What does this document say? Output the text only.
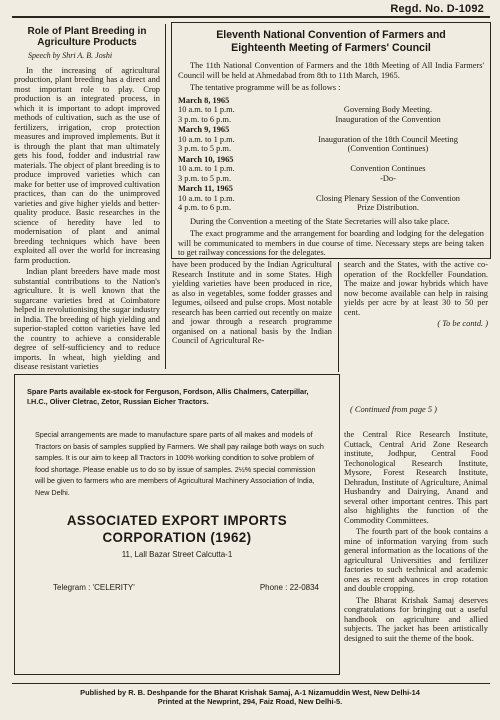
Regd. No. D-1092
Role of Plant Breeding in Agriculture Products
Speech by Shri A. B. Joshi

In the increasing of agricultural production, plant breeding has a direct and most important role to play. Crop production is an integrated process, in which it is important to adopt improved methods of cultivation, such as the use of fertilizers, irrigation, crop protection measures and improved implements. But it is through the plant that man ultimately gets his food, fodder and industrial raw materials. The object of plant breeding is to produce improved varieties which can make for better use of improved cultivation practices, than can do the unimproved varieties and give higher yields and better-quality produce. Basic researches in the science of heredity have led to modernisation of plant and animal breeding techniques which have been exploited all over the world for increasing farm production.

Indian plant breeders have made most substantial contributions to the Nation's agriculture. It is well known that the sugarcane varieties bred at Coimbatore helped in revolutionising the sugar industry in India. The breeding of high yielding and superior-stapled cotton varieties have led the country to achieve a considerable degree of self-sufficiency and to reduce imports. In wheat, high yielding and disease resistant varieties

Eleventh National Convention of Farmers and
Eighteenth Meeting of Farmers' Council

The 11th National Convention of Farmers and the 18th Meeting of All India Farmers' Council will be held at Ahmedabad from 8th to 11th March, 1965.

The tentative programme will be as follows :

March 8, 1965
10 a.m. to 1 p.m.	Governing Body Meeting.
3 p.m. to 6 p.m.	Inauguration of the Convention
March 9, 1965
10 a.m. to 1 p.m.	Inauguration of the 18th Council Meeting
3 p.m. to 5 p.m.	(Convention Continues)
March 10, 1965
10 a.m. to 1 p.m.	Convention Continues
3 p.m. to 5 p.m.	-Do-
March 11, 1965
10 a.m. to 1 p.m.	Closing Plenary Session of the Convention
4 p.m. to 6 p.m.	Prize Distribution.

During the Convention a meeting of the State Secretaries will also take place.

The exact programme and the arrangement for boarding and lodging for the delegation will be communicated to members in due course of time. Necessary steps are being taken to get railway concessions for the delegates.

have been produced by the Indian Agricultural Research Institute and in some States. High yielding varieties have been produced in rice, as also in vegetables, some fodder grasses and legumes, oilseed and pulse crops. Most notable research has been carried out recently on maize and jowar through a research programme organised on a national basis by the Indian Council of Agricultural Re-

search and the States, with the active co-operation of the Rockfeller Foundation. The maize and jowar hybrids which have now become available can help in raising yields per acre by at least 30 to 50 per cent.

( To be contd. )

Spare Parts available ex-stock for Ferguson, Fordson, Allis Chalmers, Caterpillar, I.H.C., Oliver Cletrac, Zetor, Russian Eicher Tractors.
Special arrangements are made to manufacture spare parts of all makes and models of Tractors on basis of samples supplied by Farmers. We shall pay railage both ways on such samples. It is our aim to keep all Tractors in 100% working condition to solve problem of food shortage. Please enable us to do so by issue of samples. 2½% special commission will be given to farmers who are members of Agricultural Machinery Association of India, New Delhi.
ASSOCIATED EXPORT IMPORTS
CORPORATION (1962)
11, Lall Bazar Street Calcutta-1
Telegram : 'CELERITY'	Phone : 22-0834
( Continued from page 5 )

the Central Rice Research Institute, Cuttack, Central Arid Zone Research institute, Jodhpur, Central Food Techonological Research Institute, Mysore, Forest Research Institute, Dehradun, Institute of Agriculture, Animal Husbandry and Dairying, Anand and several other important centres. This part also highlights the function of the Commodity Committees.

The fourth part of the book contains a mine of information varying from such general information as the locations of the agricultural Universities and fertilizer factories to such technical and academic ones as recent advances in crop rotation and double cropping.

The Bharat Krishak Samaj deserves congratulations for bringing out a useful handbook on agriculture and allied subjects. The jacket has been artistically designed to suit the theme of the book.

Published by R. B. Deshpande for the Bharat Krishak Samaj, A-1 Nizamuddin West, New Delhi-14
Printed at the Newprint, 294, Faiz Road, New Delhi-5.
